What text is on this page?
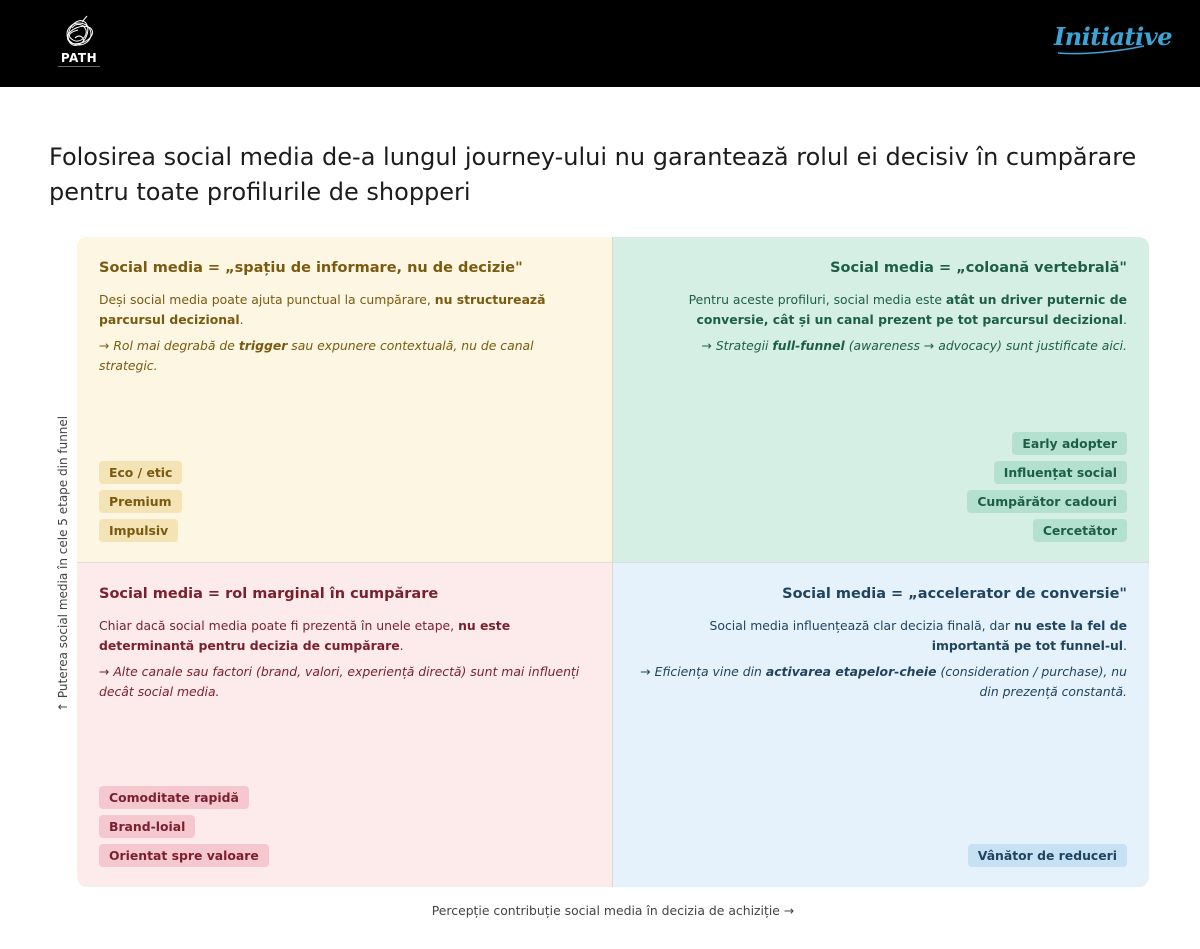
PATH
Initiative
Folosirea social media de-a lungul journey-ului nu garantează rolul ei decisiv în cumpărare pentru toate profilurile de shopperi
↑ Puterea social media în cele 5 etape din funnel
Social media = „spațiu de informare, nu de decizie"
Deși social media poate ajuta punctual la cumpărare, nu structurează parcursul decizional.
→ Rol mai degrabă de trigger sau expunere contextuală, nu de canal strategic.
Eco / etic
Premium
Impulsiv
Social media = „coloană vertebrală"
Pentru aceste profiluri, social media este atât un driver puternic de conversie, cât și un canal prezent pe tot parcursul decizional.
→ Strategii full-funnel (awareness → advocacy) sunt justificate aici.
Early adopter
Influențat social
Cumpărător cadouri
Cercetător
Social media = rol marginal în cumpărare
Chiar dacă social media poate fi prezentă în unele etape, nu este determinantă pentru decizia de cumpărare.
→ Alte canale sau factori (brand, valori, experiență directă) sunt mai influenți decât social media.
Comoditate rapidă
Brand-loial
Orientat spre valoare
Social media = „accelerator de conversie"
Social media influențează clar decizia finală, dar nu este la fel de importantă pe tot funnel-ul.
→ Eficiența vine din activarea etapelor-cheie (consideration / purchase), nu din prezență constantă.
Vânător de reduceri
Percepție contribuție social media în decizia de achiziție →
